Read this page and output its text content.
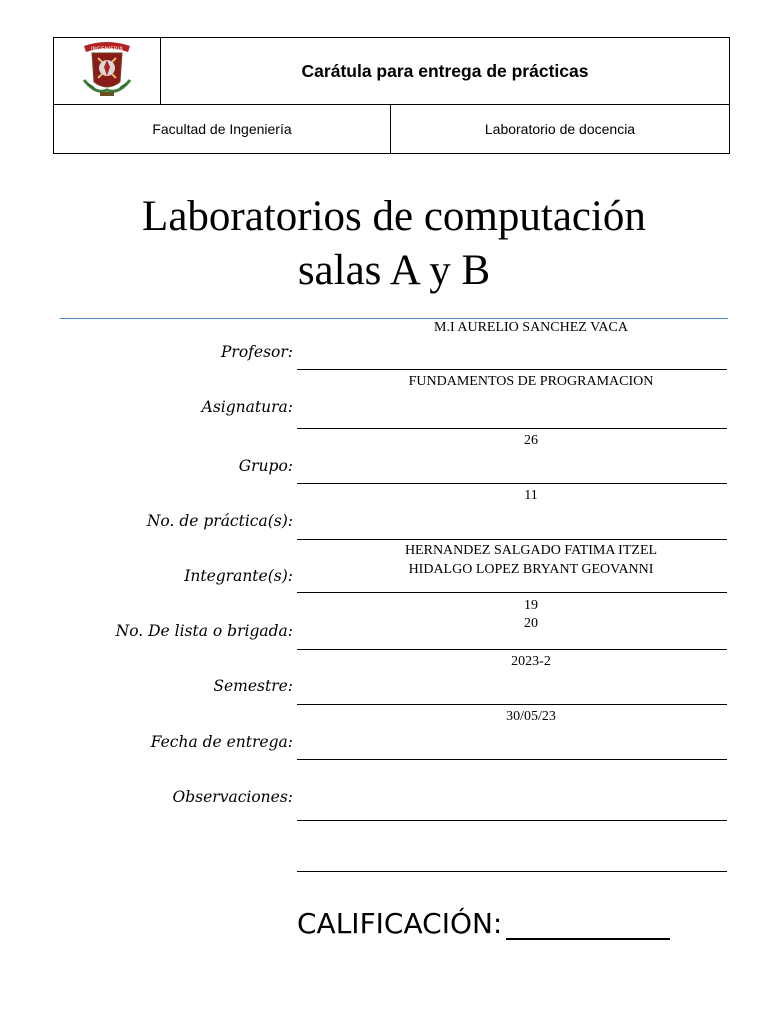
INGENIERIA
Carátula para entrega de prácticas
Facultad de Ingeniería	Laboratorio de docencia
Laboratorios de computación
salas A y B
M.I AURELIO SANCHEZ VACA
Profesor:
FUNDAMENTOS DE PROGRAMACION
Asignatura:
26
Grupo:
11
No. de práctica(s):
HERNANDEZ SALGADO FATIMA ITZEL
HIDALGO LOPEZ BRYANT GEOVANNI
Integrante(s):
19
20
No. De lista o brigada:
2023-2
Semestre:
30/05/23
Fecha de entrega:
Observaciones:
CALIFICACIÓN:
